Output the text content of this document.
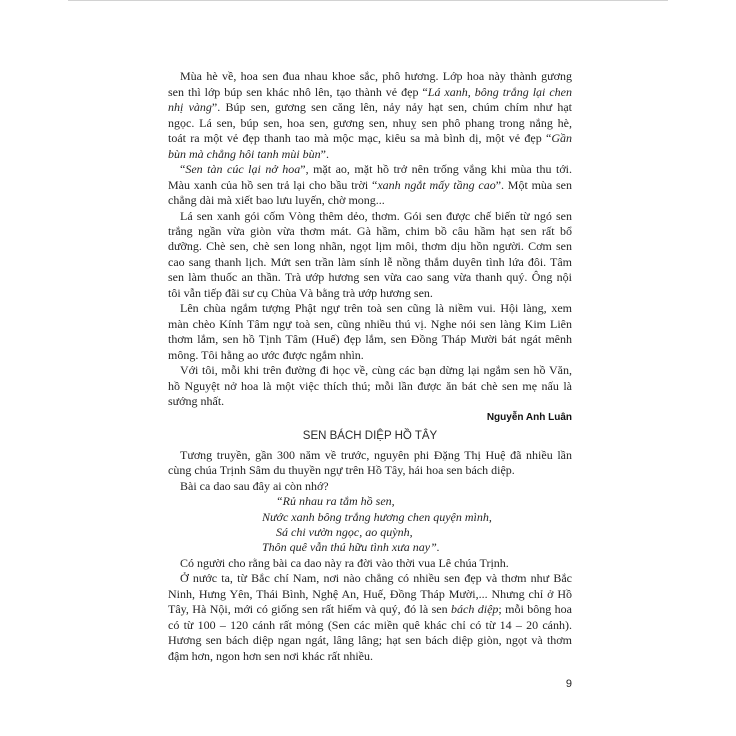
Mùa hè về, hoa sen đua nhau khoe sắc, phô hương. Lớp hoa này thành gương
sen thì lớp búp sen khác nhô lên, tạo thành vẻ đẹp “Lá xanh, bông trắng lại chen
nhị vàng”. Búp sen, gương sen căng lên, nảy nảy hạt sen, chúm chím như hạt
ngọc. Lá sen, búp sen, hoa sen, gương sen, nhuỵ sen phô phang trong nắng hè,
toát ra một vẻ đẹp thanh tao mà mộc mạc, kiêu sa mà bình dị, một vẻ đẹp “Gần
bùn mà chẳng hôi tanh mùi bùn”.
“Sen tàn cúc lại nở hoa”, mặt ao, mặt hồ trở nên trống vắng khi mùa thu tới.
Màu xanh của hồ sen trả lại cho bầu trời “xanh ngắt mấy tầng cao”. Một mùa sen
chẳng dài mà xiết bao lưu luyến, chờ mong...
Lá sen xanh gói cốm Vòng thêm dẻo, thơm. Gói sen được chế biến từ ngó sen
trắng ngần vừa giòn vừa thơm mát. Gà hầm, chim bồ câu hầm hạt sen rất bổ
dưỡng. Chè sen, chè sen long nhãn, ngọt lịm môi, thơm dịu hồn người. Cơm sen
cao sang thanh lịch. Mứt sen trần làm sính lễ nồng thắm duyên tình lứa đôi. Tâm
sen làm thuốc an thần. Trà ướp hương sen vừa cao sang vừa thanh quý. Ông nội
tôi vẫn tiếp đãi sư cụ Chùa Và bằng trà ướp hương sen.
Lên chùa ngắm tượng Phật ngự trên toà sen cũng là niềm vui. Hội làng, xem
màn chèo Kính Tâm ngự toà sen, cũng nhiều thú vị. Nghe nói sen làng Kim Liên
thơm lắm, sen hồ Tịnh Tâm (Huế) đẹp lắm, sen Đồng Tháp Mười bát ngát mênh
mông. Tôi hằng ao ước được ngắm nhìn.
Với tôi, mỗi khi trên đường đi học về, cùng các bạn dừng lại ngắm sen hồ Văn,
hồ Nguyệt nở hoa là một việc thích thú; mỗi lần được ăn bát chè sen mẹ nấu là
sướng nhất.
Nguyễn Anh Luân
SEN BÁCH DIỆP HỒ TÂY
Tương truyền, gần 300 năm về trước, nguyên phi Đặng Thị Huệ đã nhiều lần
cùng chúa Trịnh Sâm du thuyền ngự trên Hồ Tây, hái hoa sen bách diệp.
Bài ca dao sau đây ai còn nhớ?
“Rủ nhau ra tắm hồ sen,
Nước xanh bông trắng hương chen quyện mình,
Sá chi vườn ngọc, ao quỳnh,
Thôn quê vẫn thú hữu tình xưa nay”.
Có người cho rằng bài ca dao này ra đời vào thời vua Lê chúa Trịnh.
Ở nước ta, từ Bắc chí Nam, nơi nào chẳng có nhiều sen đẹp và thơm như Bắc
Ninh, Hưng Yên, Thái Bình, Nghệ An, Huế, Đồng Tháp Mười,... Nhưng chỉ ở Hồ
Tây, Hà Nội, mới có giống sen rất hiếm và quý, đó là sen bách diệp; mỗi bông hoa
có từ 100 – 120 cánh rất mỏng (Sen các miền quê khác chỉ có từ 14 – 20 cánh).
Hương sen bách diệp ngan ngát, lâng lâng; hạt sen bách diệp giòn, ngọt và thơm
đậm hơn, ngon hơn sen nơi khác rất nhiều.
9
